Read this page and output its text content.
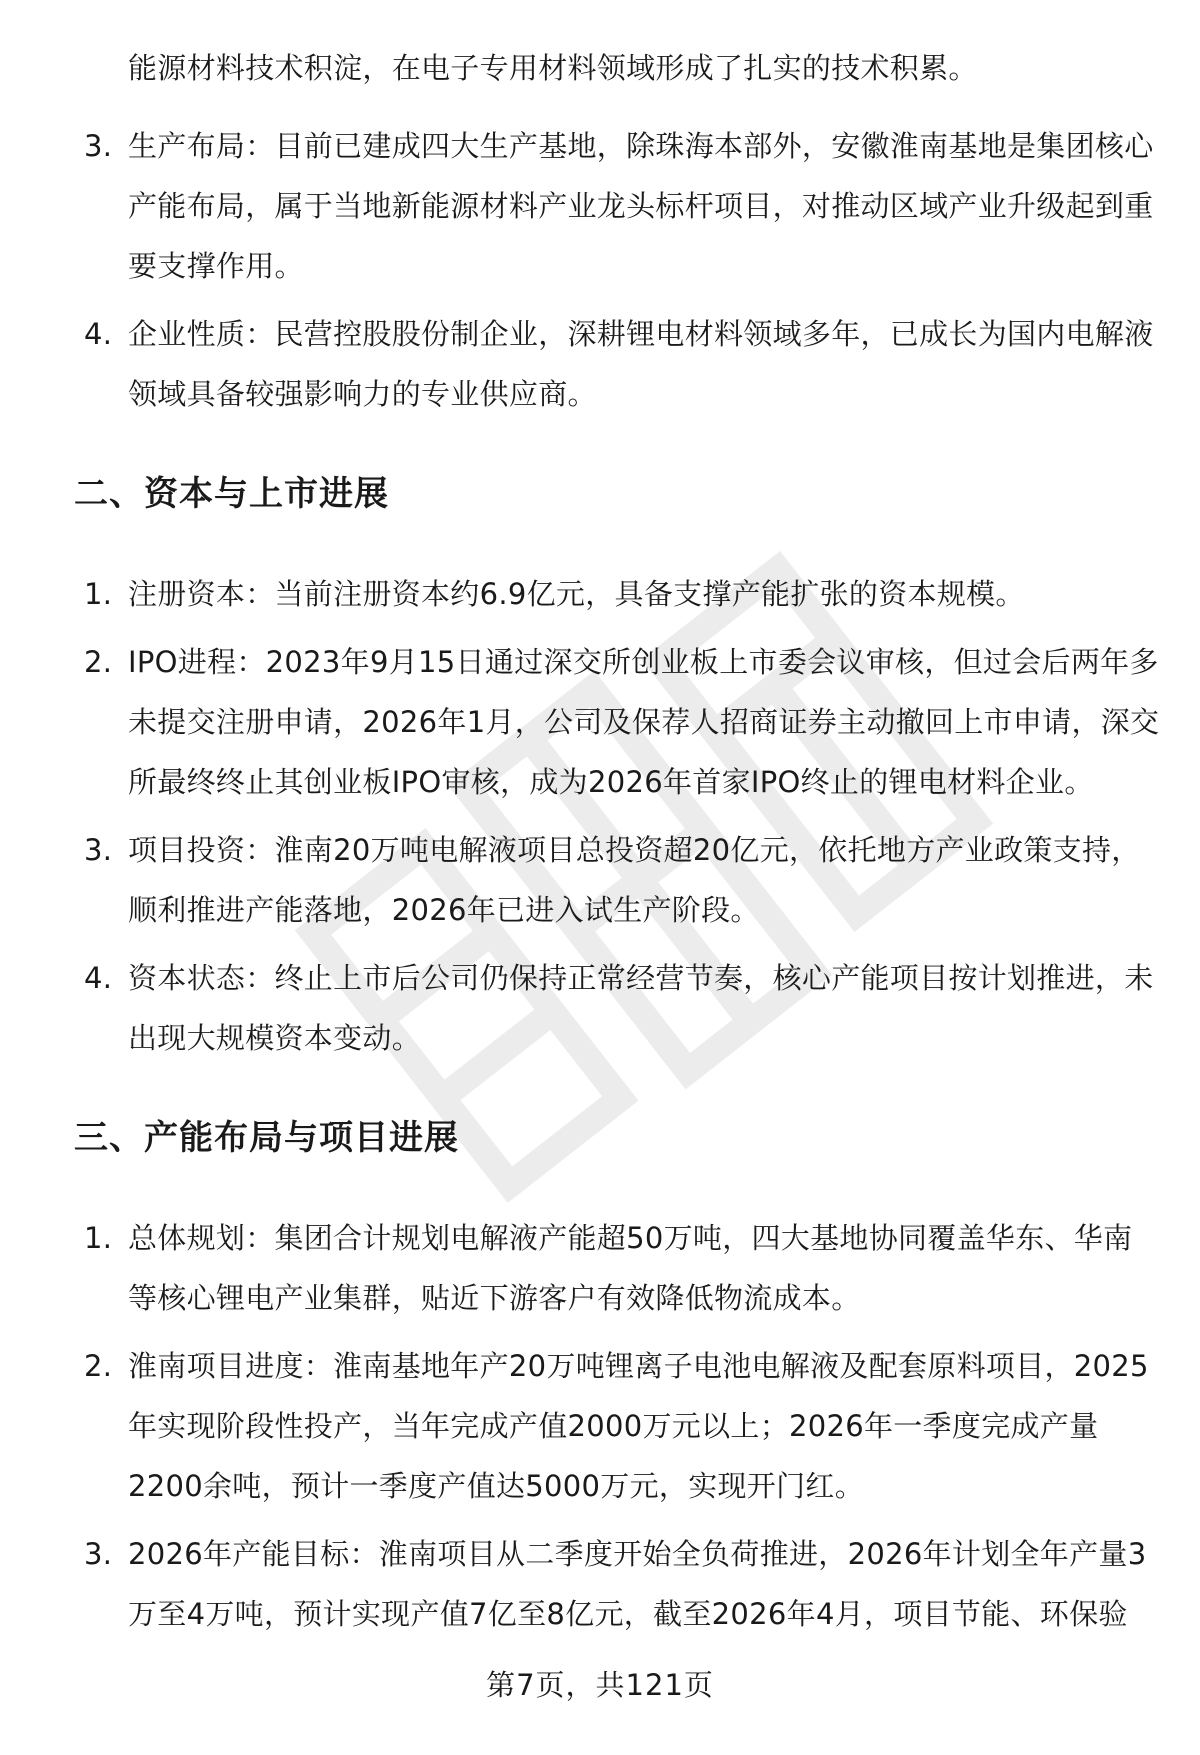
能源材料技术积淀，在电子专用材料领域形成了扎实的技术积累。
3. 生产布局：目前已建成四大生产基地，除珠海本部外，安徽淮南基地是集团核心产能布局，属于当地新能源材料产业龙头标杆项目，对推动区域产业升级起到重要支撑作用。
4. 企业性质：民营控股股份制企业，深耕锂电材料领域多年，已成长为国内电解液领域具备较强影响力的专业供应商。
二、资本与上市进展
1. 注册资本：当前注册资本约6.9亿元，具备支撑产能扩张的资本规模。
2. IPO进程：2023年9月15日通过深交所创业板上市委会议审核，但过会后两年多未提交注册申请，2026年1月，公司及保荐人招商证券主动撤回上市申请，深交所最终终止其创业板IPO审核，成为2026年首家IPO终止的锂电材料企业。
3. 项目投资：淮南20万吨电解液项目总投资超20亿元，依托地方产业政策支持，顺利推进产能落地，2026年已进入试生产阶段。
4. 资本状态：终止上市后公司仍保持正常经营节奏，核心产能项目按计划推进，未出现大规模资本变动。
三、产能布局与项目进展
1. 总体规划：集团合计规划电解液产能超50万吨，四大基地协同覆盖华东、华南等核心锂电产业集群，贴近下游客户有效降低物流成本。
2. 淮南项目进度：淮南基地年产20万吨锂离子电池电解液及配套原料项目，2025年实现阶段性投产，当年完成产值2000万元以上；2026年一季度完成产量2200余吨，预计一季度产值达5000万元，实现开门红。
3. 2026年产能目标：淮南项目从二季度开始全负荷推进，2026年计划全年产量3万至4万吨，预计实现产值7亿至8亿元，截至2026年4月，项目节能、环保验
第7页，共121页
